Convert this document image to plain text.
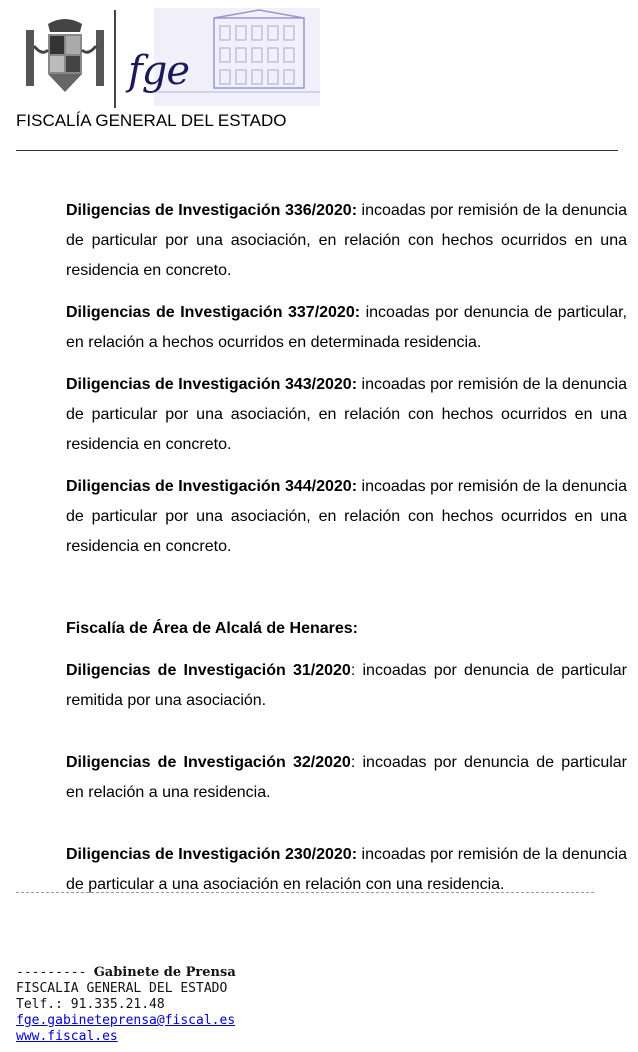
fge
FISCALÍA GENERAL DEL ESTADO

Diligencias de Investigación 336/2020: incoadas por remisión de la denuncia de particular por una asociación, en relación con hechos ocurridos en una residencia en concreto.

Diligencias de Investigación 337/2020: incoadas por denuncia de particular, en relación a hechos ocurridos en determinada residencia.

Diligencias de Investigación 343/2020: incoadas por remisión de la denuncia de particular por una asociación, en relación con hechos ocurridos en una residencia en concreto.

Diligencias de Investigación 344/2020: incoadas por remisión de la denuncia de particular por una asociación, en relación con hechos ocurridos en una residencia en concreto.

Fiscalía de Área de Alcalá de Henares:

Diligencias de Investigación 31/2020: incoadas por denuncia de particular remitida por una asociación.

Diligencias de Investigación 32/2020: incoadas por denuncia de particular en relación a una residencia.

Diligencias de Investigación 230/2020: incoadas por remisión de la denuncia de particular a una asociación en relación con una residencia.

--------- Gabinete de Prensa
FISCALIA GENERAL DEL ESTADO
Telf.: 91.335.21.48
fge.gabineteprensa@fiscal.es
www.fiscal.es
